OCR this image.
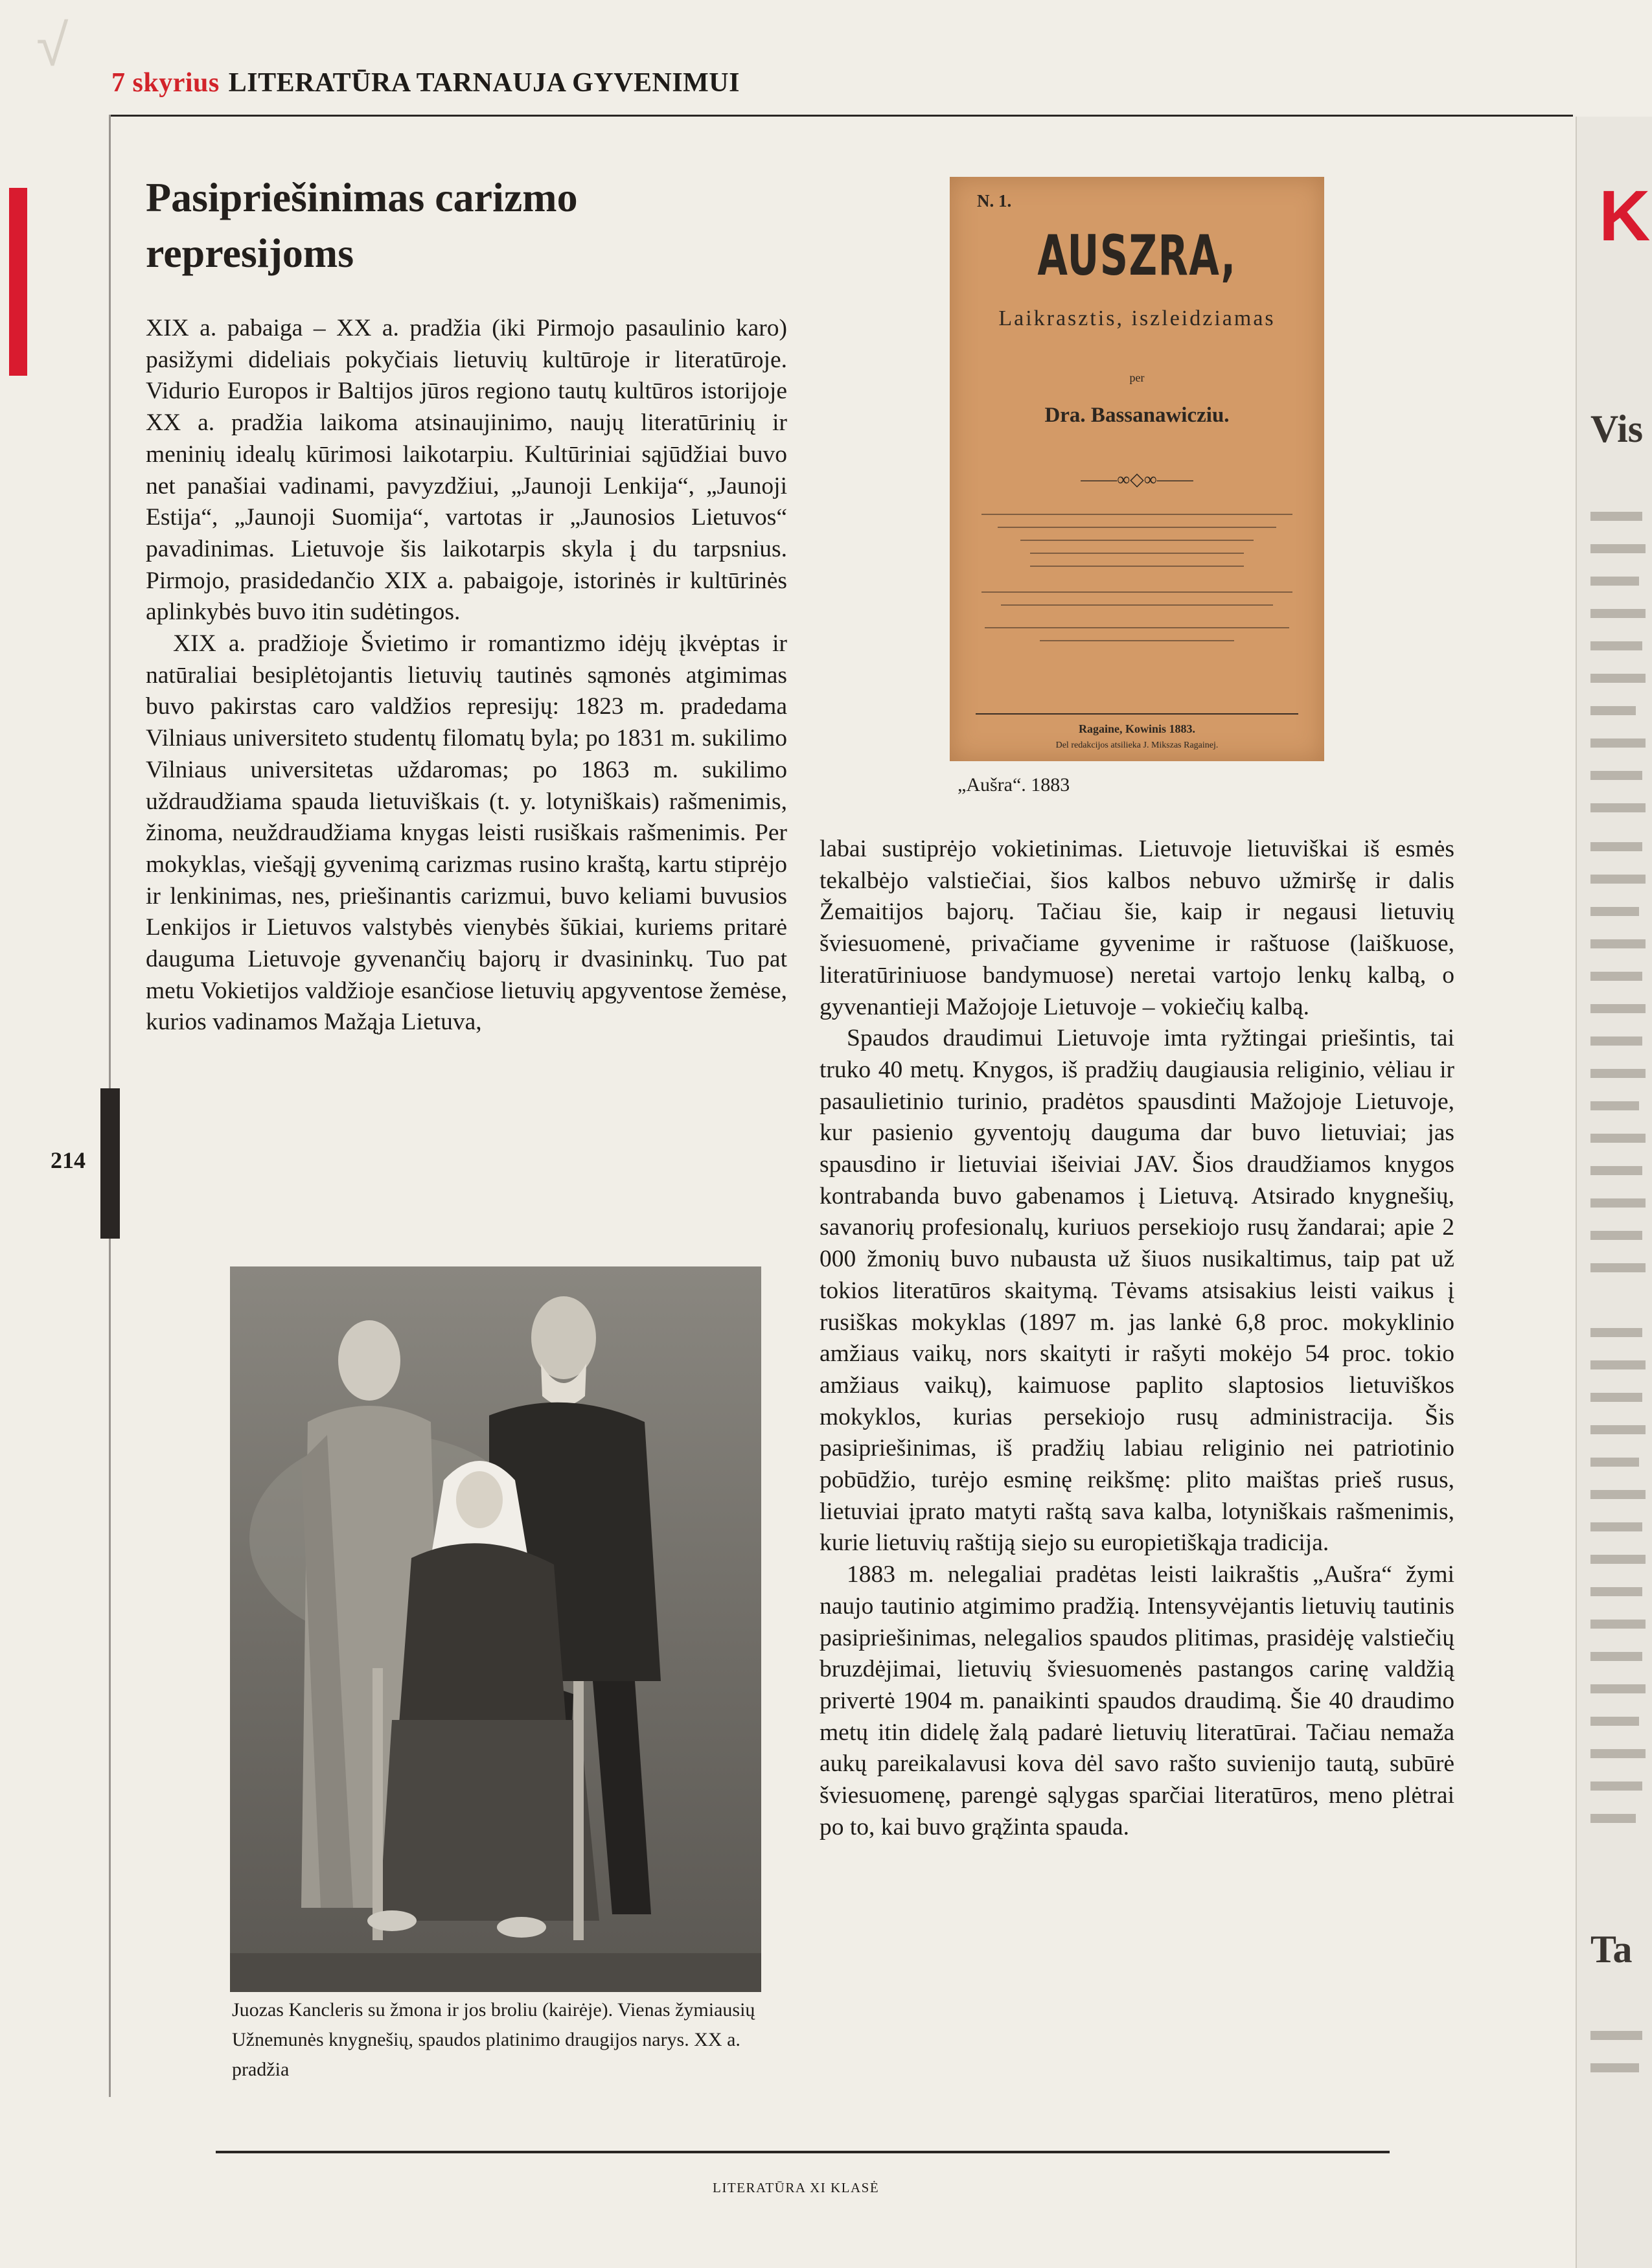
√
7 skyrius LITERATŪRA TARNAUJA GYVENIMUI
214
Pasipriešinimas carizmo represijoms

XIX a. pabaiga – XX a. pradžia (iki Pirmojo pasaulinio karo) pasižymi dideliais pokyčiais lietuvių kultūroje ir literatūroje. Vidurio Europos ir Baltijos jūros regiono tautų kultūros istorijoje XX a. pradžia laikoma atsinaujinimo, naujų literatūrinių ir meninių idealų kūrimosi laikotarpiu. Kultūriniai sąjūdžiai buvo net panašiai vadinami, pavyzdžiui, „Jaunoji Lenkija“, „Jaunoji Estija“, „Jaunoji Suomija“, vartotas ir „Jaunosios Lietuvos“ pavadinimas. Lietuvoje šis laikotarpis skyla į du tarpsnius. Pirmojo, prasidedančio XIX a. pabaigoje, istorinės ir kultūrinės aplinkybės buvo itin sudėtingos.

XIX a. pradžioje Švietimo ir romantizmo idėjų įkvėptas ir natūraliai besiplėtojantis lietuvių tautinės sąmonės atgimimas buvo pakirstas caro valdžios represijų: 1823 m. pradedama Vilniaus universiteto studentų filomatų byla; po 1831 m. sukilimo Vilniaus universitetas uždaromas; po 1863 m. sukilimo uždraudžiama spauda lietuviškais (t. y. lotyniškais) rašmenimis, žinoma, neuždraudžiama knygas leisti rusiškais rašmenimis. Per mokyklas, viešąjį gyvenimą carizmas rusino kraštą, kartu stiprėjo ir lenkinimas, nes, priešinantis carizmui, buvo keliami buvusios Lenkijos ir Lietuvos valstybės vienybės šūkiai, kuriems pritarė dauguma Lietuvoje gyvenančių bajorų ir dvasininkų. Tuo pat metu Vokietijos valdžioje esančiose lietuvių apgyventose žemėse, kurios vadinamos Mažąja Lietuva,

N. 1.
AUSZRA,
Laikrasztis, iszleidziamas
per
Dra. Bassanawicziu.
——∞◇∞——
Ragaine, Kowinis 1883.
Del redakcijos atsilieka J. Mikszas Ragainej.
„Aušra“. 1883

labai sustiprėjo vokietinimas. Lietuvoje lietuviškai iš esmės tekalbėjo valstiečiai, šios kalbos nebuvo užmiršę ir dalis Žemaitijos bajorų. Tačiau šie, kaip ir negausi lietuvių šviesuomenė, privačiame gyvenime ir raštuose (laiškuose, literatūriniuose bandymuose) neretai vartojo lenkų kalbą, o gyvenantieji Mažojoje Lietuvoje – vokiečių kalbą.

Spaudos draudimui Lietuvoje imta ryžtingai priešintis, tai truko 40 metų. Knygos, iš pradžių daugiausia religinio, vėliau ir pasaulietinio turinio, pradėtos spausdinti Mažojoje Lietuvoje, kur pasienio gyventojų dauguma dar buvo lietuviai; jas spausdino ir lietuviai išeiviai JAV. Šios draudžiamos knygos kontrabanda buvo gabenamos į Lietuvą. Atsirado knygnešių, savanorių profesionalų, kuriuos persekiojo rusų žandarai; apie 2 000 žmonių buvo nubausta už šiuos nusikaltimus, taip pat už tokios literatūros skaitymą. Tėvams atsisakius leisti vaikus į rusiškas mokyklas (1897 m. jas lankė 6,8 proc. mokyklinio amžiaus vaikų, nors skaityti ir rašyti mokėjo 54 proc. tokio amžiaus vaikų), kaimuose paplito slaptosios lietuviškos mokyklos, kurias persekiojo rusų administracija. Šis pasipriešinimas, iš pradžių labiau religinio nei patriotinio pobūdžio, turėjo esminę reikšmę: plito maištas prieš rusus, lietuviai įprato matyti raštą sava kalba, lotyniškais rašmenimis, kurie lietuvių raštiją siejo su europietiškąja tradicija.

1883 m. nelegaliai pradėtas leisti laikraštis „Aušra“ žymi naujo tautinio atgimimo pradžią. Intensyvėjantis lietuvių tautinis pasipriešinimas, nelegalios spaudos plitimas, prasidėję valstiečių bruzdėjimai, lietuvių šviesuomenės pastangos carinę valdžią privertė 1904 m. panaikinti spaudos draudimą. Šie 40 draudimo metų itin didelę žalą padarė lietuvių literatūrai. Tačiau nemaža aukų pareikalavusi kova dėl savo rašto suvienijo tautą, subūrė šviesuomenę, parengė sąlygas sparčiai literatūros, meno plėtrai po to, kai buvo grąžinta spauda.

Juozas Kancleris su žmona ir jos broliu (kairėje). Vienas žymiausių Užnemunės knygnešių, spaudos platinimo draugijos narys. XX a. pradžia
K
Vis
Ta
LITERATŪRA XI KLASĖ
